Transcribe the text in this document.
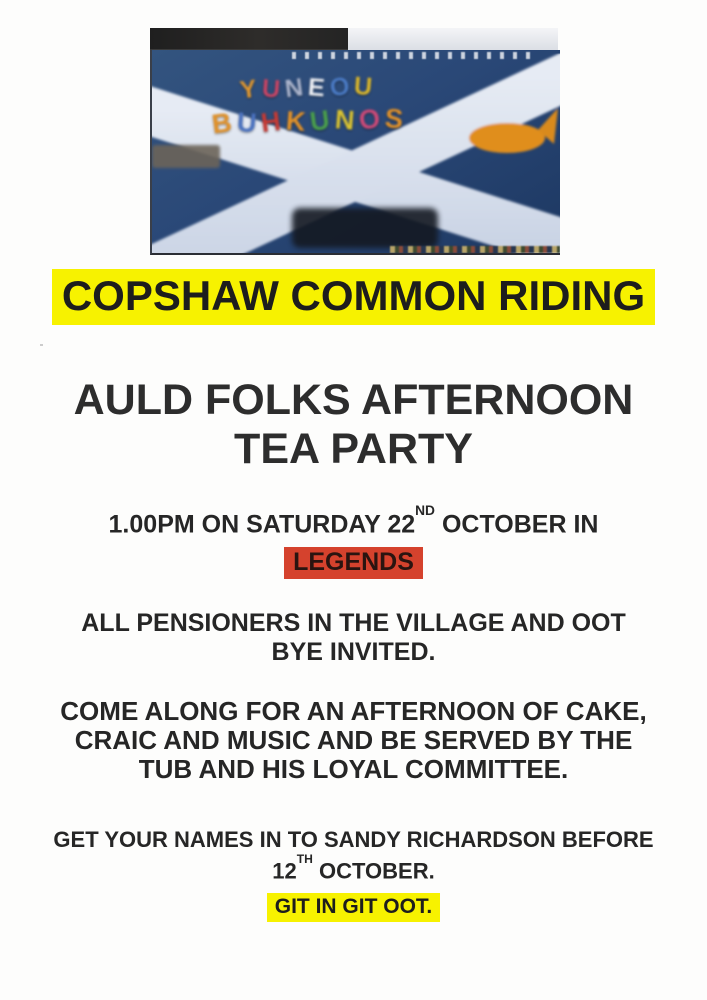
Y U N E O U
B U H K U N O S
COPSHAW COMMON RIDING
AULD FOLKS AFTERNOON
TEA PARTY
1.00PM ON SATURDAY 22ND OCTOBER IN
LEGENDS
ALL PENSIONERS IN THE VILLAGE AND OOT
BYE INVITED.
COME ALONG FOR AN AFTERNOON OF CAKE,
CRAIC AND MUSIC AND BE SERVED BY THE
TUB AND HIS LOYAL COMMITTEE.
GET YOUR NAMES IN TO SANDY RICHARDSON BEFORE
12TH OCTOBER.
GIT IN GIT OOT.
